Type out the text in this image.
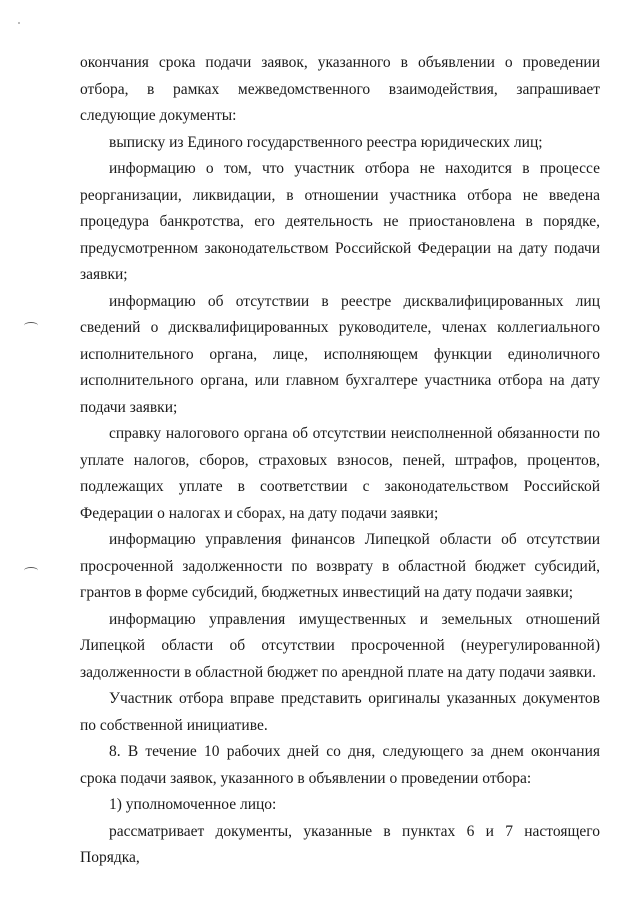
окончания срока подачи заявок, указанного в объявлении о проведении отбора, в рамках межведомственного взаимодействия, запрашивает следующие документы:

выписку из Единого государственного реестра юридических лиц;

информацию о том, что участник отбора не находится в процессе реорганизации, ликвидации, в отношении участника отбора не введена процедура банкротства, его деятельность не приостановлена в порядке, предусмотренном законодательством Российской Федерации на дату подачи заявки;

информацию об отсутствии в реестре дисквалифицированных лиц сведений о дисквалифицированных руководителе, членах коллегиального исполнительного органа, лице, исполняющем функции единоличного исполнительного органа, или главном бухгалтере участника отбора на дату подачи заявки;

справку налогового органа об отсутствии неисполненной обязанности по уплате налогов, сборов, страховых взносов, пеней, штрафов, процентов, подлежащих уплате в соответствии с законодательством Российской Федерации о налогах и сборах, на дату подачи заявки;

информацию управления финансов Липецкой области об отсутствии просроченной задолженности по возврату в областной бюджет субсидий, грантов в форме субсидий, бюджетных инвестиций на дату подачи заявки;

информацию управления имущественных и земельных отношений Липецкой области об отсутствии просроченной (неурегулированной) задолженности в областной бюджет по арендной плате на дату подачи заявки.

Участник отбора вправе представить оригиналы указанных документов по собственной инициативе.

8. В течение 10 рабочих дней со дня, следующего за днем окончания срока подачи заявок, указанного в объявлении о проведении отбора:

1) уполномоченное лицо:

рассматривает документы, указанные в пунктах 6 и 7 настоящего Порядка,
